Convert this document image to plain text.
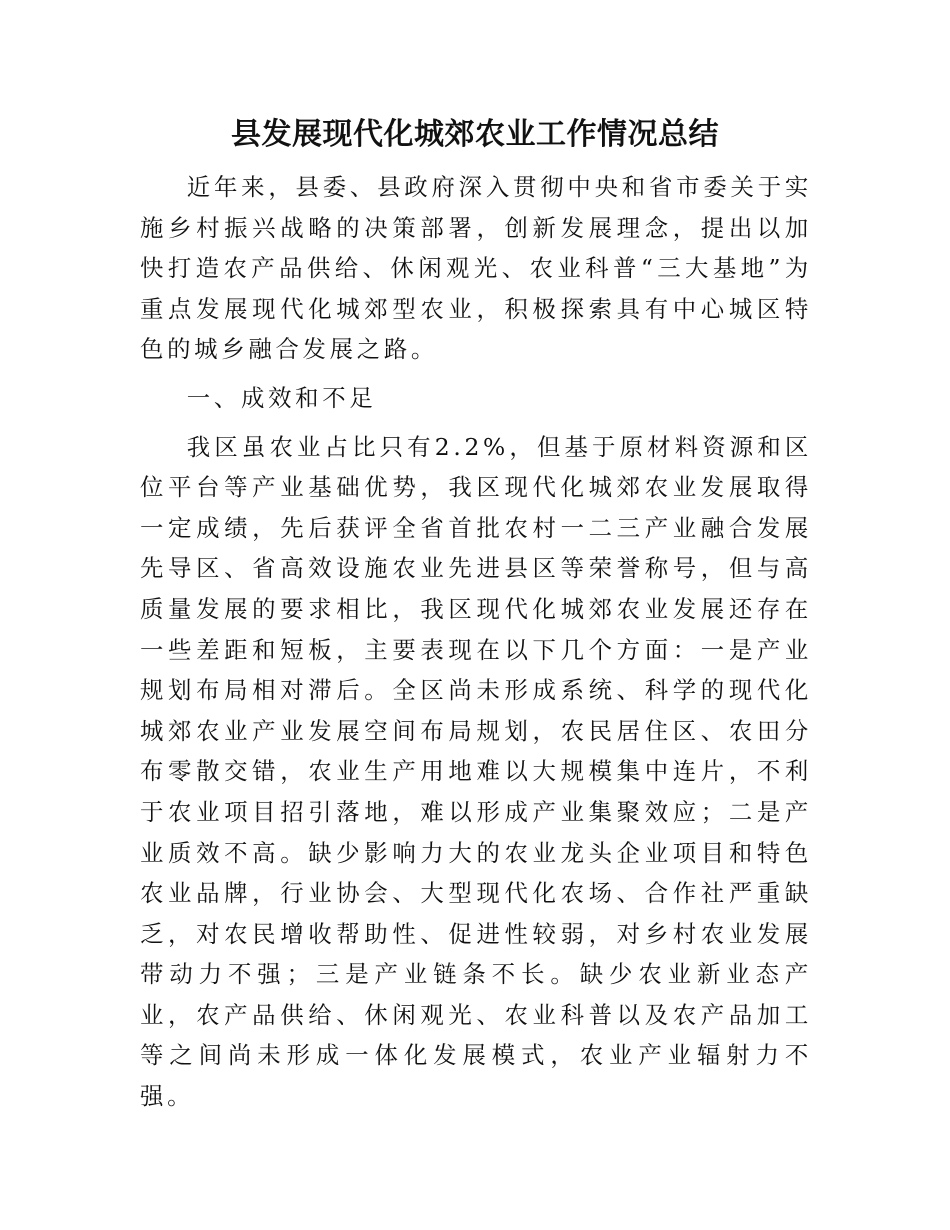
县发展现代化城郊农业工作情况总结

近年来，县委、县政府深入贯彻中央和省市委关于实施乡村振兴战略的决策部署，创新发展理念，提出以加快打造农产品供给、休闲观光、农业科普“三大基地”为重点发展现代化城郊型农业，积极探索具有中心城区特色的城乡融合发展之路。

一、成效和不足

我区虽农业占比只有2.2%，但基于原材料资源和区位平台等产业基础优势，我区现代化城郊农业发展取得一定成绩，先后获评全省首批农村一二三产业融合发展先导区、省高效设施农业先进县区等荣誉称号，但与高质量发展的要求相比，我区现代化城郊农业发展还存在一些差距和短板，主要表现在以下几个方面：一是产业规划布局相对滞后。全区尚未形成系统、科学的现代化城郊农业产业发展空间布局规划，农民居住区、农田分布零散交错，农业生产用地难以大规模集中连片，不利于农业项目招引落地，难以形成产业集聚效应；二是产业质效不高。缺少影响力大的农业龙头企业项目和特色农业品牌，行业协会、大型现代化农场、合作社严重缺乏，对农民增收帮助性、促进性较弱，对乡村农业发展带动力不强；三是产业链条不长。缺少农业新业态产业，农产品供给、休闲观光、农业科普以及农产品加工等之间尚未形成一体化发展模式，农业产业辐射力不强。
